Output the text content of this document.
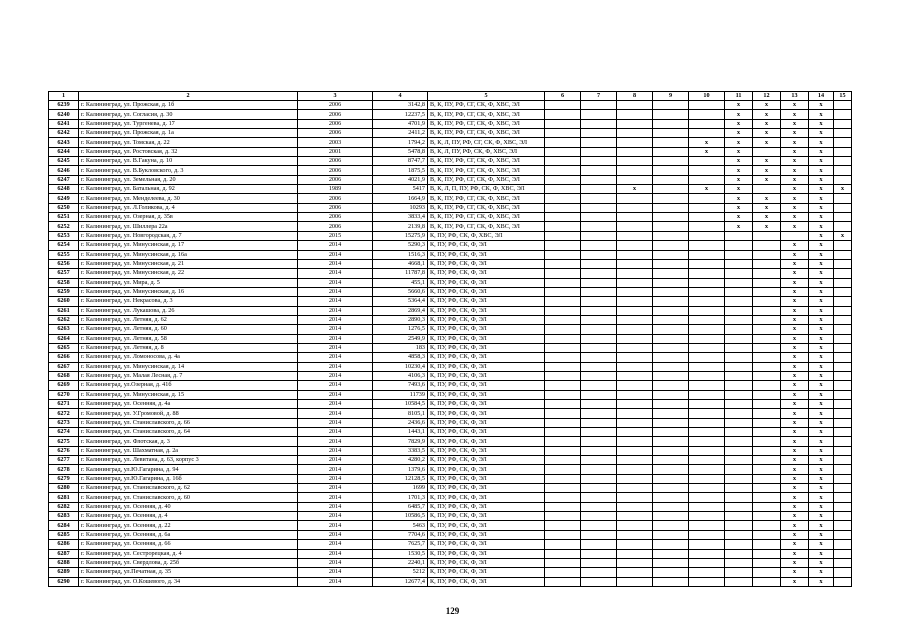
1	2	3	4	5	6	7	8	9	10	11	12	13	14	15
6239	г. Калининград, ул. Прожская, д. 1б	2006	3142,8	В, К, ПУ, РФ, СГ, СК, Ф, ХВС, ЭЛ						x	x	x	x	
6240	г. Калининград, ул. Согласия, д. 30	2006	12237,5	В, К, ПУ, РФ, СГ, СК, Ф, ХВС, ЭЛ						x	x	x	x	
6241	г. Калининград, ул. Тургенева, д. 17	2006	4701,9	В, К, ПУ, РФ, СГ, СК, Ф, ХВС, ЭЛ						x	x	x	x	
6242	г. Калининград, ул. Прожская, д. 1а	2006	2411,2	В, К, ПУ, РФ, СГ, СК, Ф, ХВС, ЭЛ						x	x	x	x	
6243	г. Калининград, ул. Томская, д. 22	2003	1794,2	В, К, Л, ПУ, РФ, СГ, СК, Ф, ХВС, ЭЛ					x	x	x	x	x	
6244	г. Калининград, ул. Ростовская, д. 32	2001	5478,8	В, К, Л, ПУ, РФ, СК, Ф, ХВС, ЭЛ					x	x		x	x	
6245	г. Калининград, ул. В.Гакуна, д. 10	2006	8747,7	В, К, ПУ, РФ, СГ, СК, Ф, ХВС, ЭЛ						x	x	x	x	
6246	г. Калининград, ул. В.Букловского, д. 3	2006	1875,5	В, К, ПУ, РФ, СГ, СК, Ф, ХВС, ЭЛ						x	x	x	x	
6247	г. Калининград, ул. Земельная, д. 20	2006	4021,9	В, К, ПУ, РФ, СГ, СК, Ф, ХВС, ЭЛ						x	x	x	x	
6248	г. Калининград, ул. Батальная, д. 92	1989	5417	В, К, Л, П, ПУ, РФ, СК, Ф, ХВС, ЭЛ			x		x	x		x	x	x
6249	г. Калининград, ул. Менделеева, д. 30	2006	1664,9	В, К, ПУ, РФ, СГ, СК, Ф, ХВС, ЭЛ						x	x	x	x	
6250	г. Калининград, ул. Л.Голикова, д. 4	2006	10293	В, К, ПУ, РФ, СГ, СК, Ф, ХВС, ЭЛ						x	x	x	x	
6251	г. Калининград, ул. Озерная, д. 35в	2006	3833,4	В, К, ПУ, РФ, СГ, СК, Ф, ХВС, ЭЛ						x	x	x	x	
6252	г. Калининград, ул. Шиллера 22а	2006	2139,8	В, К, ПУ, РФ, СГ, СК, Ф, ХВС, ЭЛ						x	x	x	x	
6253	г. Калининград, ул. Новгородская, д. 7	2015	15275,9	К, ПУ, РФ, СК, Ф, ХВС, ЭЛ									x	x
6254	г. Калининград, ул. Минусинская, д. 17	2014	5290,3	К, ПУ, РФ, СК, Ф, ЭЛ								x	x	
6255	г. Калининград, ул. Минусинская, д. 16а	2014	1516,3	К, ПУ, РФ, СК, Ф, ЭЛ								x	x	
6256	г. Калининград, ул. Минусинская, д. 21	2014	4668,1	К, ПУ, РФ, СК, Ф, ЭЛ								x	x	
6257	г. Калининград, ул. Минусинская, д. 22	2014	11787,8	К, ПУ, РФ, СК, Ф, ЭЛ								x	x	
6258	г. Калининград, ул. Мира, д. 5	2014	455,1	К, ПУ, РФ, СК, Ф, ЭЛ								x	x	
6259	г. Калининград, ул. Минусинская, д. 16	2014	5660,6	К, ПУ, РФ, СК, Ф, ЭЛ								x	x	
6260	г. Калининград, ул. Некрасова, д. 3	2014	5364,4	К, ПУ, РФ, СК, Ф, ЭЛ								x	x	
6261	г. Калининград, ул. Лукашова, д. 26	2014	2869,4	К, ПУ, РФ, СК, Ф, ЭЛ								x	x	
6262	г. Калининград, ул. Летняя, д. 62	2014	2890,3	К, ПУ, РФ, СК, Ф, ЭЛ								x	x	
6263	г. Калининград, ул. Летняя, д. 60	2014	1276,5	К, ПУ, РФ, СК, Ф, ЭЛ								x	x	
6264	г. Калининград, ул. Летняя, д. 58	2014	2549,9	К, ПУ, РФ, СК, Ф, ЭЛ								x	x	
6265	г. Калининград, ул. Летняя, д. 8	2014	183	К, ПУ, РФ, СК, Ф, ЭЛ								x	x	
6266	г. Калининград, ул. Ломоносова, д. 4а	2014	4858,3	К, ПУ, РФ, СК, Ф, ЭЛ								x	x	
6267	г. Калининград, ул. Минусинская, д. 14	2014	10230,4	К, ПУ, РФ, СК, Ф, ЭЛ								x	x	
6268	г. Калининград, ул. Малая Лесная, д. 7	2014	4106,3	К, ПУ, РФ, СК, Ф, ЭЛ								x	x	
6269	г. Калининград, ул.Озерная, д. 41б	2014	7493,6	К, ПУ, РФ, СК, Ф, ЭЛ								x	x	
6270	г. Калининград, ул. Минусинская, д. 15	2014	11739	К, ПУ, РФ, СК, Ф, ЭЛ								x	x	
6271	г. Калининград, ул. Осенняя, д. 4а	2014	10584,5	К, ПУ, РФ, СК, Ф, ЭЛ								x	x	
6272	г. Калининград, ул. У.Громовой, д. 88	2014	8105,1	К, ПУ, РФ, СК, Ф, ЭЛ								x	x	
6273	г. Калининград, ул. Станиславского, д. 66	2014	2436,6	К, ПУ, РФ, СК, Ф, ЭЛ								x	x	
6274	г. Калининград, ул. Станиславского, д. 64	2014	1443,1	К, ПУ, РФ, СК, Ф, ЭЛ								x	x	
6275	г. Калининград, ул. Флотская, д. 3	2014	7829,9	К, ПУ, РФ, СК, Ф, ЭЛ								x	x	
6276	г. Калининград, ул. Шахматная, д. 2а	2014	3383,5	К, ПУ, РФ, СК, Ф, ЭЛ								x	x	
6277	г. Калининград, ул. Левитана, д. 63, корпус 3	2014	4280,2	К, ПУ, РФ, СК, Ф, ЭЛ								x	x	
6278	г. Калининград, ул.Ю.Гагарина, д. 94	2014	1379,6	К, ПУ, РФ, СК, Ф, ЭЛ								x	x	
6279	г. Калининград, ул.Ю.Гагарина, д. 16б	2014	12128,5	К, ПУ, РФ, СК, Ф, ЭЛ								x	x	
6280	г. Калининград, ул. Станиславского, д. 62	2014	1699	К, ПУ, РФ, СК, Ф, ЭЛ								x	x	
6281	г. Калининград, ул. Станиславского, д. 60	2014	1701,3	К, ПУ, РФ, СК, Ф, ЭЛ								x	x	
6282	г. Калининград, ул. Осенняя, д. 40	2014	6485,7	К, ПУ, РФ, СК, Ф, ЭЛ								x	x	
6283	г. Калининград, ул. Осенняя, д. 4	2014	10586,5	К, ПУ, РФ, СК, Ф, ЭЛ								x	x	
6284	г. Калининград, ул. Осенняя, д. 22	2014	5463	К, ПУ, РФ, СК, Ф, ЭЛ								x	x	
6285	г. Калининград, ул. Осенняя, д. 6а	2014	7704,6	К, ПУ, РФ, СК, Ф, ЭЛ								x	x	
6286	г. Калининград, ул. Осенняя, д. 66	2014	7625,7	К, ПУ, РФ, СК, Ф, ЭЛ								x	x	
6287	г. Калининград, ул. Сестрорецкая, д. 4	2014	1530,5	К, ПУ, РФ, СК, Ф, ЭЛ								x	x	
6288	г. Калининград, ул. Свердлова, д. 25б	2014	2240,1	К, ПУ, РФ, СК, Ф, ЭЛ								x	x	
6289	г. Калининград, ул.Печатная, д. 35	2014	5212	К, ПУ, РФ, СК, Ф, ЭЛ								x	x	
6290	г. Калининград, ул. О.Кошевого, д. 34	2014	12677,4	К, ПУ, РФ, СК, Ф, ЭЛ								x	x	
129
